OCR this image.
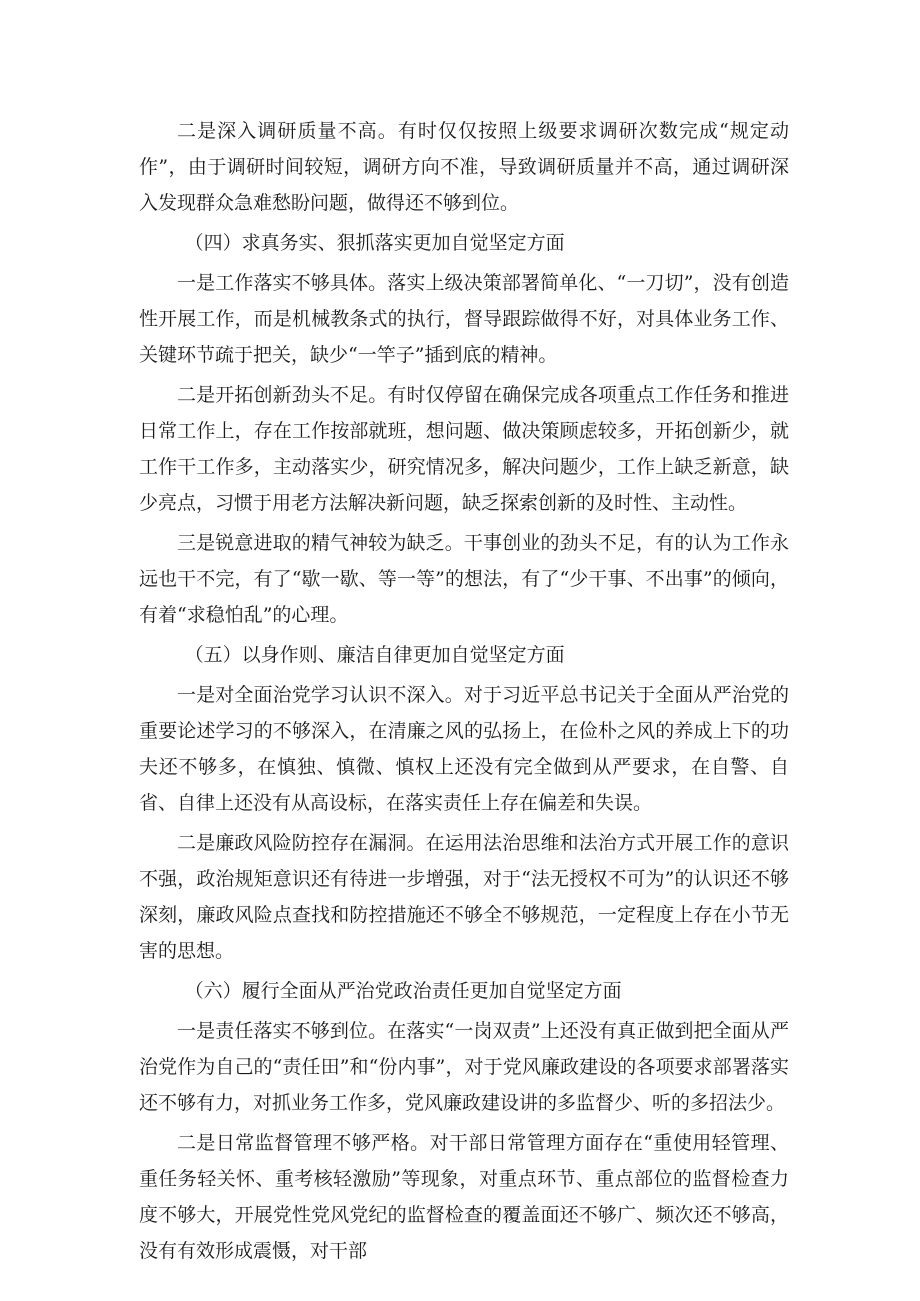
二是深入调研质量不高。有时仅仅按照上级要求调研次数完成“规定动作”，由于调研时间较短，调研方向不准，导致调研质量并不高，通过调研深入发现群众急难愁盼问题，做得还不够到位。

（四）求真务实、狠抓落实更加自觉坚定方面

一是工作落实不够具体。落实上级决策部署简单化、“一刀切”，没有创造性开展工作，而是机械教条式的执行，督导跟踪做得不好，对具体业务工作、关键环节疏于把关，缺少“一竿子”插到底的精神。

二是开拓创新劲头不足。有时仅停留在确保完成各项重点工作任务和推进日常工作上，存在工作按部就班，想问题、做决策顾虑较多，开拓创新少，就工作干工作多，主动落实少，研究情况多，解决问题少，工作上缺乏新意，缺少亮点，习惯于用老方法解决新问题，缺乏探索创新的及时性、主动性。

三是锐意进取的精气神较为缺乏。干事创业的劲头不足，有的认为工作永远也干不完，有了“歇一歇、等一等”的想法，有了“少干事、不出事”的倾向，有着“求稳怕乱”的心理。

（五）以身作则、廉洁自律更加自觉坚定方面

一是对全面治党学习认识不深入。对于习近平总书记关于全面从严治党的重要论述学习的不够深入，在清廉之风的弘扬上，在俭朴之风的养成上下的功夫还不够多，在慎独、慎微、慎权上还没有完全做到从严要求，在自警、自省、自律上还没有从高设标，在落实责任上存在偏差和失误。

二是廉政风险防控存在漏洞。在运用法治思维和法治方式开展工作的意识不强，政治规矩意识还有待进一步增强，对于“法无授权不可为”的认识还不够深刻，廉政风险点查找和防控措施还不够全不够规范，一定程度上存在小节无害的思想。

（六）履行全面从严治党政治责任更加自觉坚定方面

一是责任落实不够到位。在落实“一岗双责”上还没有真正做到把全面从严治党作为自己的“责任田”和“份内事”，对于党风廉政建设的各项要求部署落实还不够有力，对抓业务工作多，党风廉政建设讲的多监督少、听的多招法少。

二是日常监督管理不够严格。对干部日常管理方面存在“重使用轻管理、重任务轻关怀、重考核轻激励”等现象，对重点环节、重点部位的监督检查力度不够大，开展党性党风党纪的监督检查的覆盖面还不够广、频次还不够高，没有有效形成震慑，对干部
